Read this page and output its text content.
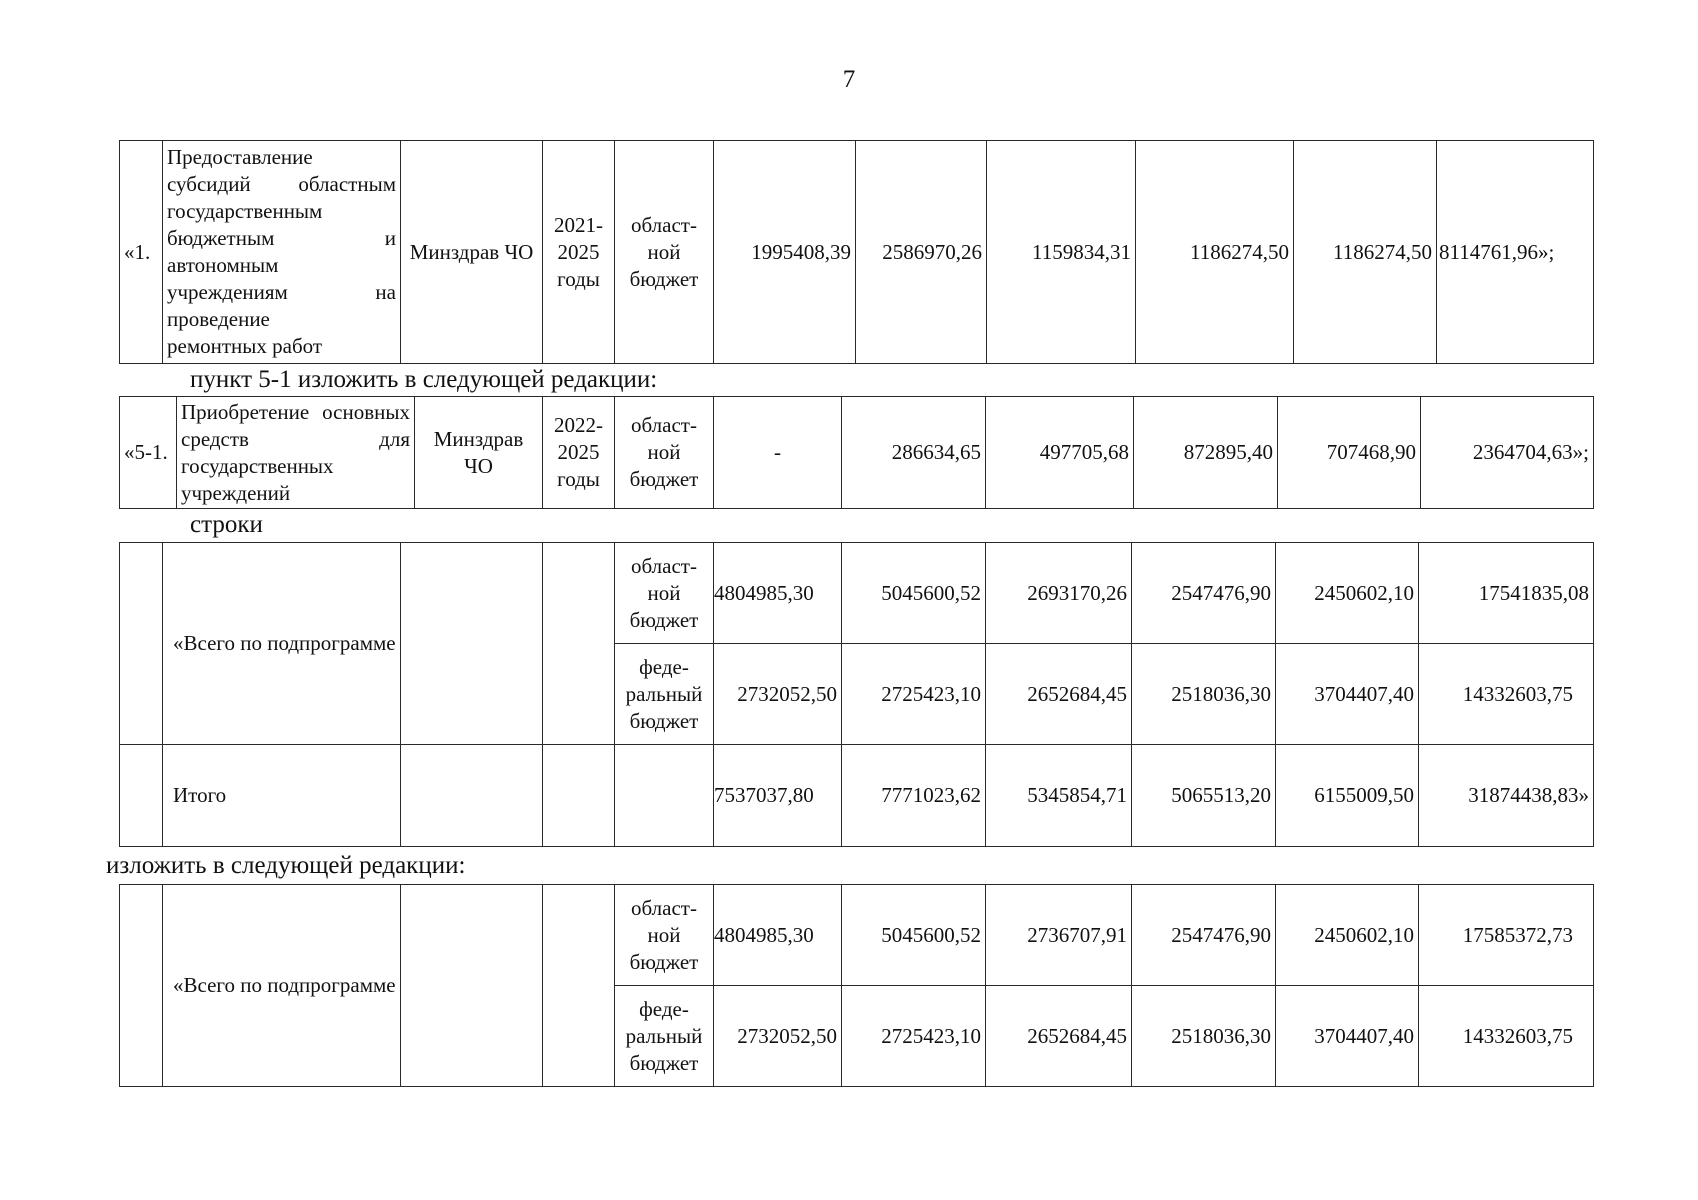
7
«1.	Предоставление субсидий областным государственным бюджетным и автономным учреждениям на проведение
ремонтных работ
	Минздрав ЧО	2021-2025 годы	област-ной бюджет	1995408,39	2586970,26	1159834,31	1186274,50	1186274,50	8114761,96»;
пункт 5-1 изложить в следующей редакции:
«5-1.	Приобретение основных средств для государственных учреждений	Минздрав ЧО	2022-2025 годы	област-ной бюджет	-	286634,65	497705,68	872895,40	707468,90	2364704,63»;
строки
	«Всего по подпрограмме			област-ной бюджет	4804985,30	5045600,52	2693170,26	2547476,90	2450602,10	17541835,08
				феде-ральный бюджет	2732052,50	2725423,10	2652684,45	2518036,30	3704407,40	14332603,75
	Итого				7537037,80	7771023,62	5345854,71	5065513,20	6155009,50	31874438,83»
изложить в следующей редакции:
	«Всего по подпрограмме			област-ной бюджет	4804985,30	5045600,52	2736707,91	2547476,90	2450602,10	17585372,73
				феде-ральный бюджет	2732052,50	2725423,10	2652684,45	2518036,30	3704407,40	14332603,75
